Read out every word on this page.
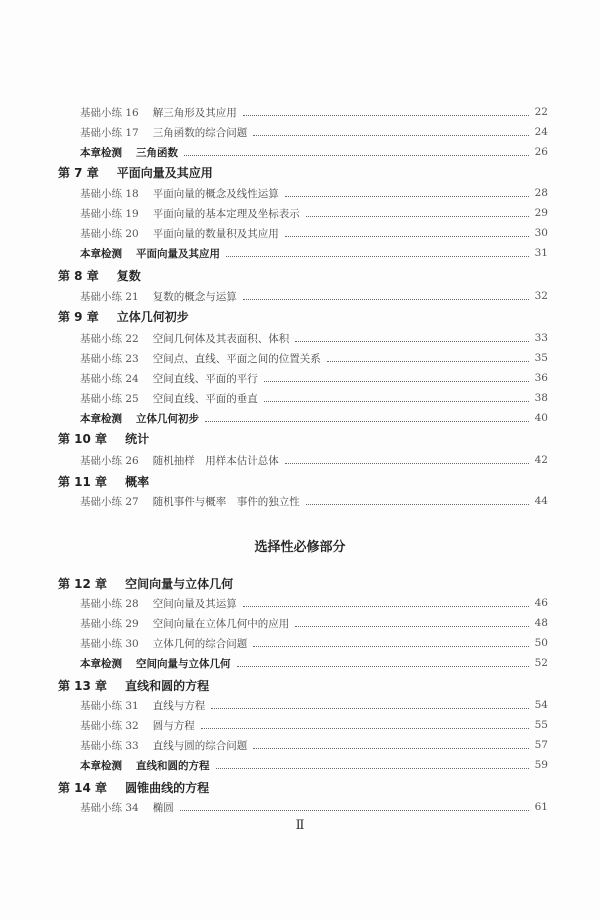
基础小练 16 解三角形及其应用	22
基础小练 17 三角函数的综合问题	24
本章检测 三角函数	26
第 7 章 平面向量及其应用
基础小练 18 平面向量的概念及线性运算	28
基础小练 19 平面向量的基本定理及坐标表示	29
基础小练 20 平面向量的数量积及其应用	30
本章检测 平面向量及其应用	31
第 8 章 复数
基础小练 21 复数的概念与运算	32
第 9 章 立体几何初步
基础小练 22 空间几何体及其表面积、体积	33
基础小练 23 空间点、直线、平面之间的位置关系	35
基础小练 24 空间直线、平面的平行	36
基础小练 25 空间直线、平面的垂直	38
本章检测 立体几何初步	40
第 10 章 统计
基础小练 26 随机抽样　用样本估计总体	42
第 11 章 概率
基础小练 27 随机事件与概率　事件的独立性	44
第 12 章 空间向量与立体几何
基础小练 28 空间向量及其运算	46
基础小练 29 空间向量在立体几何中的应用	48
基础小练 30 立体几何的综合问题	50
本章检测 空间向量与立体几何	52
第 13 章 直线和圆的方程
基础小练 31 直线与方程	54
基础小练 32 圆与方程	55
基础小练 33 直线与圆的综合问题	57
本章检测 直线和圆的方程	59
第 14 章 圆锥曲线的方程
基础小练 34 椭圆	61
选择性必修部分
Ⅱ
